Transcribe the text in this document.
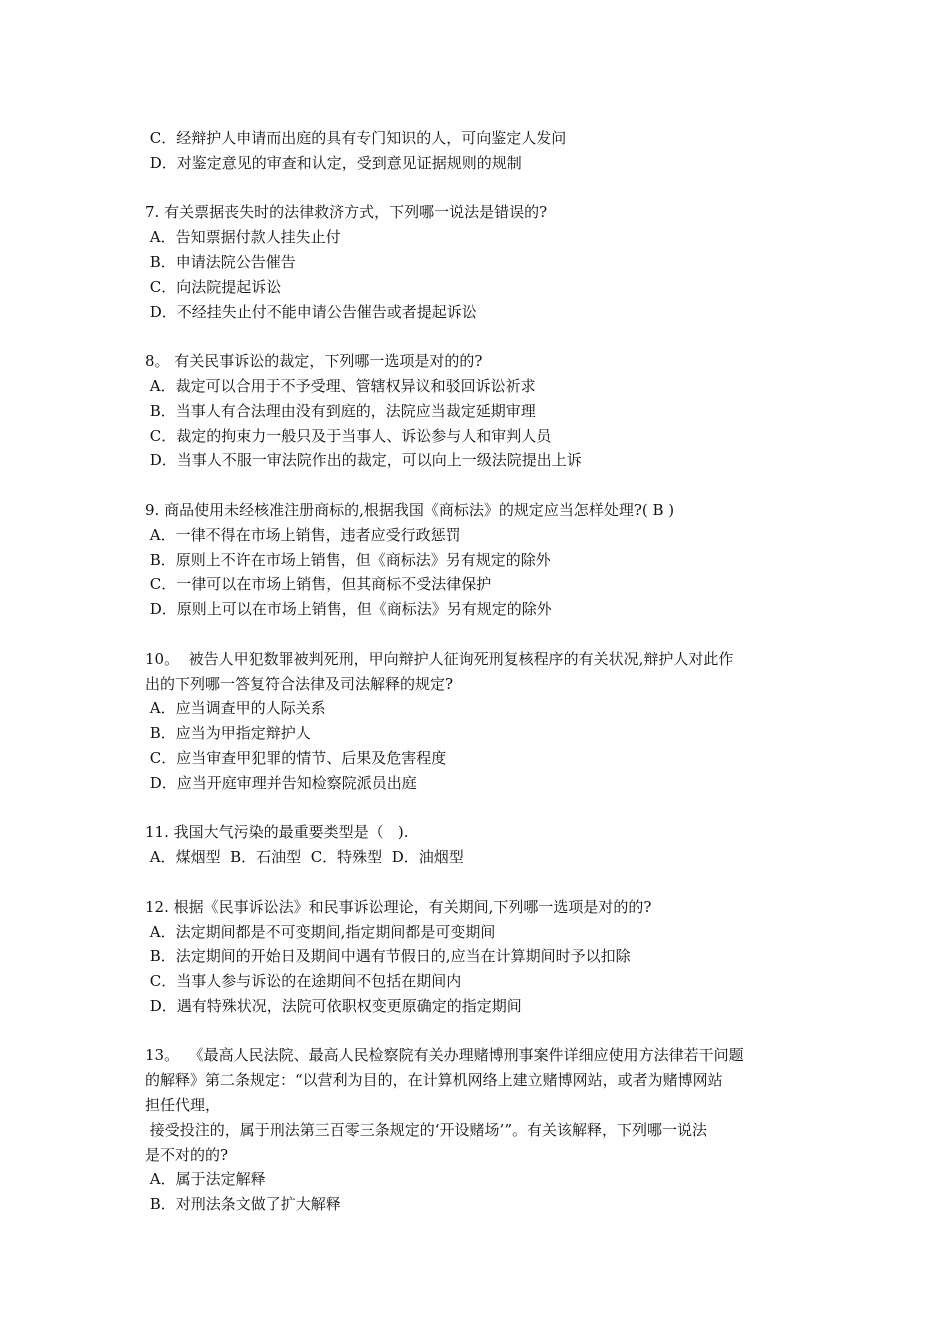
C．经辩护人申请而出庭的具有专门知识的人，可向鉴定人发问
D．对鉴定意见的审查和认定，受到意见证据规则的规制
7. 有关票据丧失时的法律救济方式，下列哪一说法是错误的?
A．告知票据付款人挂失止付
B．申请法院公告催告
C．向法院提起诉讼
D．不经挂失止付不能申请公告催告或者提起诉讼
8。 有关民事诉讼的裁定，下列哪一选项是对的的?
A．裁定可以合用于不予受理、管辖权异议和驳回诉讼祈求
B．当事人有合法理由没有到庭的，法院应当裁定延期审理
C．裁定的拘束力一般只及于当事人、诉讼参与人和审判人员
D．当事人不服一审法院作出的裁定，可以向上一级法院提出上诉
9. 商品使用未经核准注册商标的,根据我国《商标法》的规定应当怎样处理?( B )
A．一律不得在市场上销售，违者应受行政惩罚
B．原则上不许在市场上销售，但《商标法》另有规定的除外
C．一律可以在市场上销售，但其商标不受法律保护
D．原则上可以在市场上销售，但《商标法》另有规定的除外
10。  被告人甲犯数罪被判死刑，甲向辩护人征询死刑复核程序的有关状况,辩护人对此作
出的下列哪一答复符合法律及司法解释的规定?
A．应当调查甲的人际关系
B．应当为甲指定辩护人
C．应当审查甲犯罪的情节、后果及危害程度
D．应当开庭审理并告知检察院派员出庭
11. 我国大气污染的最重要类型是（   ).
A．煤烟型  B．石油型  C．特殊型  D．油烟型
12. 根据《民事诉讼法》和民事诉讼理论，有关期间,下列哪一选项是对的的?
A．法定期间都是不可变期间,指定期间都是可变期间
B．法定期间的开始日及期间中遇有节假日的,应当在计算期间时予以扣除
C．当事人参与诉讼的在途期间不包括在期间内
D．遇有特殊状况，法院可依职权变更原确定的指定期间
13。  《最高人民法院、最高人民检察院有关办理赌博刑事案件详细应使用方法律若干问题
的解释》第二条规定：“以营利为目的，在计算机网络上建立赌博网站，或者为赌博网站
担任代理，
接受投注的，属于刑法第三百零三条规定的‘开设赌场’”。有关该解释，下列哪一说法
是不对的的?
A．属于法定解释
B．对刑法条文做了扩大解释
